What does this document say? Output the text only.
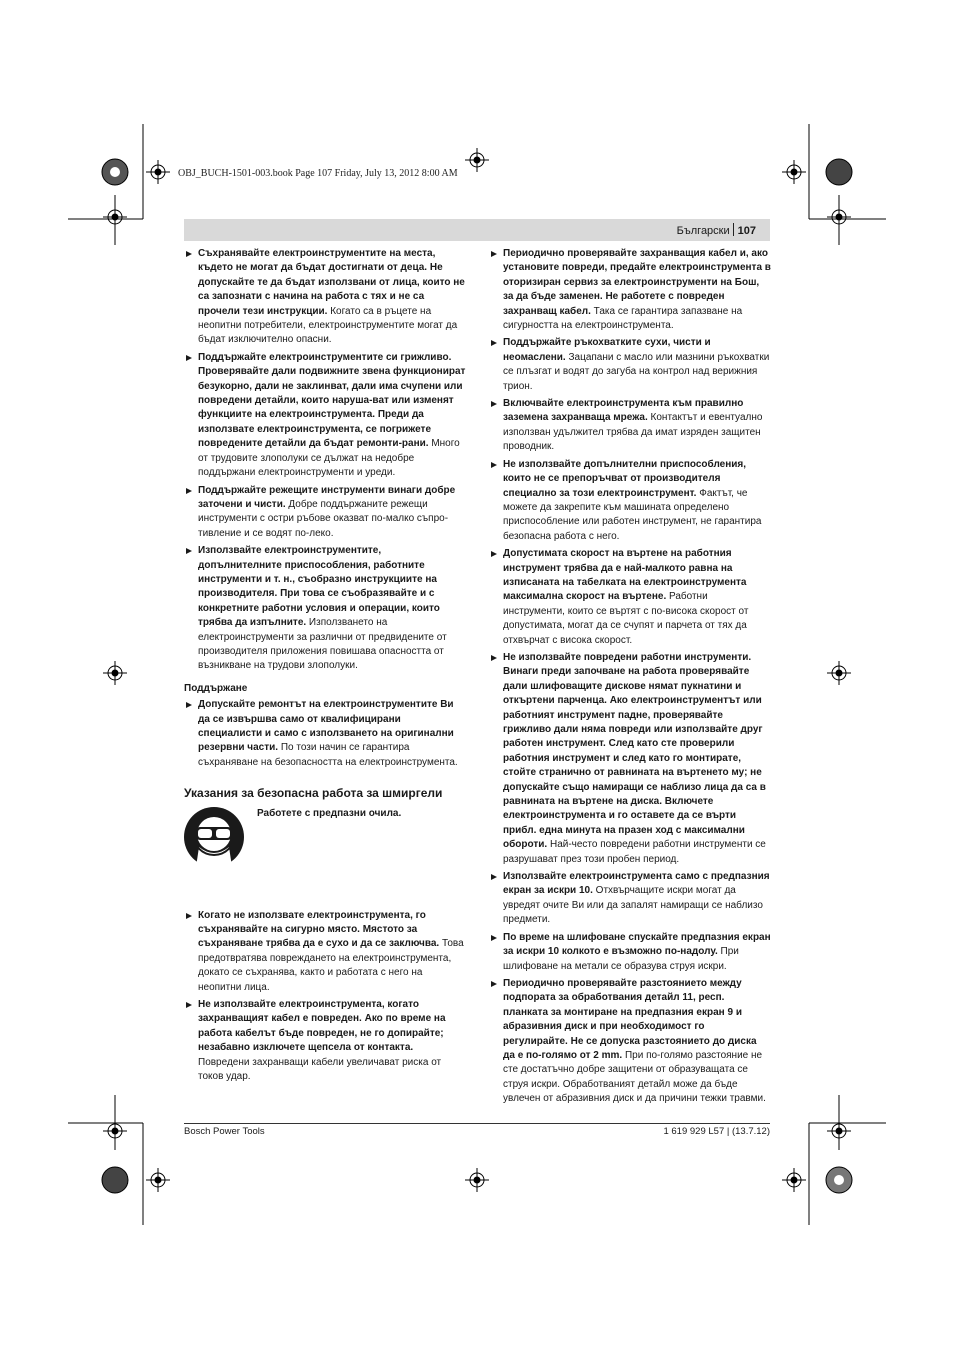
OBJ_BUCH-1501-003.book Page 107 Friday, July 13, 2012 8:00 AM
Български 107
Съхранявайте електроинструментите на места, където не могат да бъдат достигнати от деца. Не допускайте те да бъдат използвани от лица, които не са запознати с начина на работа с тях и не са прочели тези инструкции. Когато са в ръцете на неопитни потребители, електроинструментите могат да бъдат изключително опасни.
Поддържайте електроинструментите си грижливо. Проверявайте дали подвижните звена функционират безукорно, дали не заклинват, дали има счупени или повредени детайли, които наруша-ват или изменят функциите на електроинструмента. Преди да използвате електроинструмента, се погрижете повредените детайли да бъдат ремонти-рани. Много от трудовите злополуки се дължат на недобре поддържани електроинструменти и уреди.
Поддържайте режещите инструменти винаги добре заточени и чисти. Добре поддържаните режещи инструменти с остри ръбове оказват по-малко съпро-тивление и се водят по-леко.
Използвайте електроинструментите, допълнителните приспособления, работните инструменти и т. н., съобразно инструкциите на производителя. При това се съобразявайте и с конкретните работни условия и операции, които трябва да изпълните. Използването на електроинструменти за различни от предвидените от производителя приложения повишава опасността от възникване на трудови злополуки.
Поддържане
Допускайте ремонтът на електроинструментите Ви да се извършва само от квалифицирани специалисти и само с използването на оригинални резервни части. По този начин се гарантира съхраняване на безопасността на електроинструмента.
Указания за безопасна работа за шмиргели
Работете с предпазни очила.
Когато не използвате електроинструмента, го съхранявайте на сигурно място. Мястото за съхраняване трябва да е сухо и да се заключва. Това предотвратява повреждането на електроинструмента, докато се съхранява, както и работата с него на неопитни лица.
Не използвайте електроинструмента, когато захранващият кабел е повреден. Ако по време на работа кабелът бъде повреден, не го допирайте; незабавно изключете щепсела от контакта. Повредени захранващи кабели увеличават риска от токов удар.
Периодично проверявайте захранващия кабел и, ако установите повреди, предайте електроинструмента в оторизиран сервиз за електроинструменти на Бош, за да бъде заменен. Не работете с повреден захранващ кабел. Така се гарантира запазване на сигурността на електроинструмента.
Поддържайте ръкохватките сухи, чисти и неомаслени. Зацапани с масло или мазнини ръкохватки се плъзгат и водят до загуба на контрол над верижния трион.
Включвайте електроинструмента към правилно заземена захранваща мрежа. Контактът и евентуално използван удължител трябва да имат изряден защитен проводник.
Не използвайте допълнителни приспособления, които не се препоръчват от производителя специално за този електроинструмент. Фактът, че можете да закрепите към машината определено приспособление или работен инструмент, не гарантира безопасна работа с него.
Допустимата скорост на въртене на работния инструмент трябва да е най-малкото равна на изписаната на табелката на електроинструмента максимална скорост на въртене. Работни инструменти, които се въртят с по-висока скорост от допустимата, могат да се счупят и парчета от тях да отхвърчат с висока скорост.
Не използвайте повредени работни инструменти. Винаги преди започване на работа проверявайте дали шлифоващите дискове нямат пукнатини и откъртени парченца. Ако електроинструментът или работният инструмент падне, проверявайте грижливо дали няма повреди или използвайте друг работен инструмент. След като сте проверили работния инструмент и след като го монтирате, стойте странично от равнината на въртенето му; не допускайте също намиращи се наблизо лица да са в равнината на въртене на диска. Включете електроинструмента и го оставете да се върти прибл. една минута на празен ход с максимални обороти. Най-често повредени работни инструменти се разрушават през този пробен период.
Използвайте електроинструмента само с предпазния екран за искри 10. Отхвърчащите искри могат да увредят очите Ви или да запалят намиращи се наблизо предмети.
По време на шлифоване спускайте предпазния екран за искри 10 колкото е възможно по-надолу. При шлифоване на метали се образува струя искри.
Периодично проверявайте разстоянието между подпората за обработвания детайл 11, респ. планката за монтиране на предпазния екран 9 и абразивния диск и при необходимост го регулирайте. Не се допуска разстоянието до диска да е по-голямо от 2 mm. При по-голямо разстояние не сте достатъчно добре защитени от образуващата се струя искри. Обработваният детайл може да бъде увлечен от абразивния диск и да причини тежки травми.
Bosch Power Tools	1 619 929 L57 | (13.7.12)
